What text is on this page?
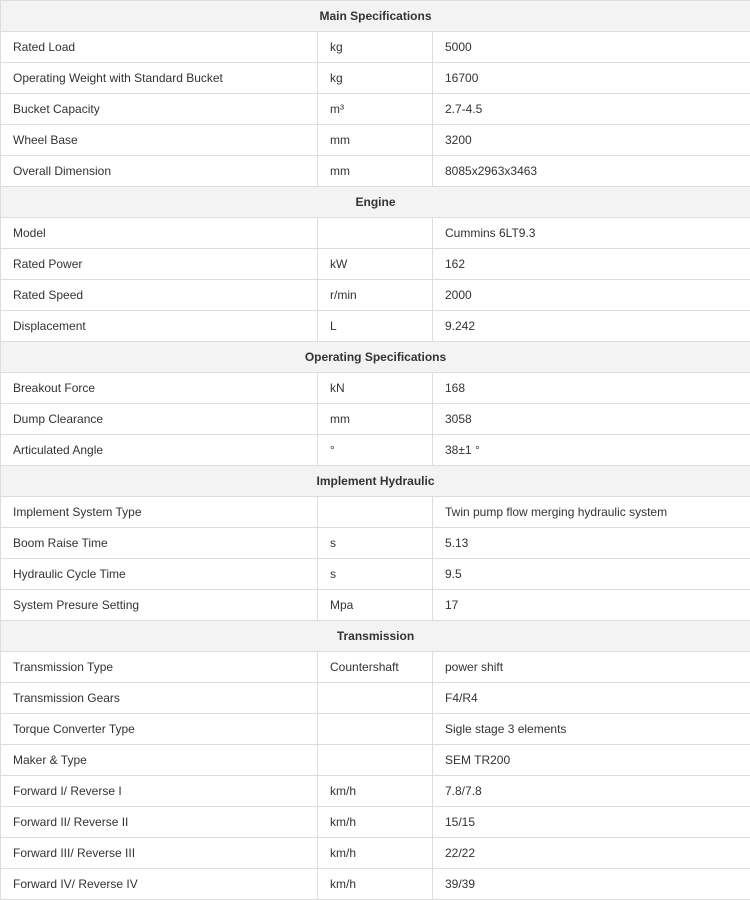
Main Specifications		
Rated Load	kg	5000
Operating Weight with Standard Bucket	kg	16700
Bucket Capacity	m³	2.7-4.5
Wheel Base	mm	3200
Overall Dimension	mm	8085x2963x3463
Engine		
Model		Cummins 6LT9.3
Rated Power	kW	162
Rated Speed	r/min	2000
Displacement	L	9.242
Operating Specifications		
Breakout Force	kN	168
Dump Clearance	mm	3058
Articulated Angle	°	38±1 °
Implement Hydraulic		
Implement System Type		Twin pump flow merging hydraulic system
Boom Raise Time	s	5.13
Hydraulic Cycle Time	s	9.5
System Presure Setting	Mpa	17
Transmission		
Transmission Type	Countershaft	power shift
Transmission Gears		F4/R4
Torque Converter Type		Sigle stage 3 elements
Maker & Type		SEM TR200
Forward I/ Reverse I	km/h	7.8/7.8
Forward II/ Reverse II	km/h	15/15
Forward III/ Reverse III	km/h	22/22
Forward IV/ Reverse IV	km/h	39/39
